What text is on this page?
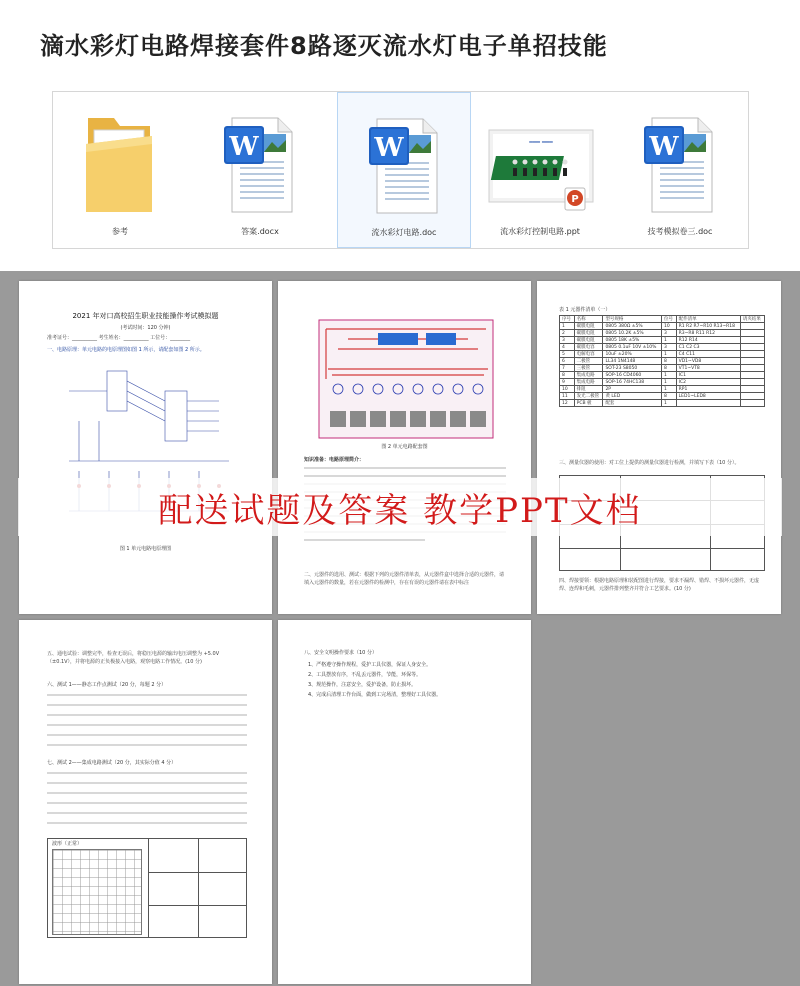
滴水彩灯电路焊接套件8路逐灭流水灯电子单招技能
参考
W
答案.docx
W
流水彩灯电路.doc
━━━ ━━━
P
流水彩灯控制电路.ppt
W
技考模拟卷三.doc
2021 年对口高校招生职业技能操作考试模拟题
(考试时间：120 分钟)
准考证号：__________ 考生姓名：__________ 工位号：________
一、电路原理：单元电路的电原理图如图 1 所示，请配套如图 2 所示。
图 1 单元电路电原理图
图 2 单元电路配套图
知识准备：电路原理简介：
二、元器件的选用、测试：根据下列的元器件清单表，从元器件盒中选择合适的元器件，请填入元器件的数量，若在元器件的检测中，存在有误的元器件请在表中标注
表 1 元器件清单（一）
序号	名称	型号规格	位号	配件清单	请夹结果
1	碳膜电阻	0805 380Ω ±5%	10	R1 R2 R7~R10 R13~R18	
2	碳膜电阻	0805 10.2K ±5%	3	R3~R8 R11 R12	
3	碳膜电阻	0805 18K ±5%	1	R12 R14	
4	碳膜电容	0805 0.1uF 10V ±10%	3	C1 C2 C3	
5	电解电容	10uF ±20%	1	C4 C11	
6	二极管	LL34 1N4148	8	VD1~VD8	
7	三极管	SOT-23 S8050	8	VT1~VT8	
8	集成电路	SOP-16 CD4060	1	IC1	
9	集成电路	SOP-16 74HC138	1	IC2	
10	排阻	2P	1	RP1	
11	发光二极管	黄 LED	8	LED1~LED8	
12	PCB 板	配套	1		
三、测量仪器的使用：对工位上提供的测量仪器进行检测，并填写下表（10 分）。
四、焊接要领：根据电路原理和装配图进行焊接，要求不漏焊、错焊、不损坏元器件，无虚焊、连焊和毛刺，元器件排列整齐并符合工艺要求。(10 分)
五、通电试验：调整完毕，检查无误后，将稳压电源的输出电压调整为 +5.0V（±0.1V），并将电源的正负极接入电路，观察电路工作情况。(10 分)
六、测试 1——静态工作点测试（20 分，每题 2 分）
七、测试 2——集成电路测试（20 分，其实际分值 4 分）
波形（正常）
八、安全文明操作要求（10 分）
1、严格遵守操作规程，爱护工具仪器，保证人身安全。
2、工具摆放有序，不乱丢元器件，节能，环保等。
3、规范操作，注意安全，爱护设备，防止损坏。
4、完成后清理工作台面，做到工完场清，整理好工具仪器。
配送试题及答案 教学PPT文档
